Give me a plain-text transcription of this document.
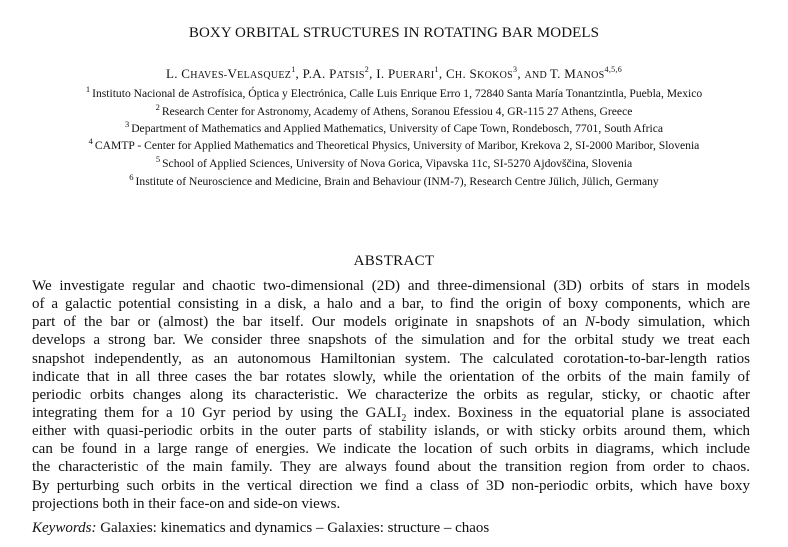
BOXY ORBITAL STRUCTURES IN ROTATING BAR MODELS
L. CHAVES-VELASQUEZ$^1$, P.A. PATSIS$^2$, I. PUERARI$^1$, CH. SKOKOS$^3$, AND T. MANOS$^{4,5,6}$
$^1$ Instituto Nacional de Astrofísica, Óptica y Electrónica, Calle Luis Enrique Erro 1, 72840 Santa María Tonantzintla, Puebla, Mexico
$^2$ Research Center for Astronomy, Academy of Athens, Soranou Efessiou 4, GR-115 27 Athens, Greece
$^3$ Department of Mathematics and Applied Mathematics, University of Cape Town, Rondebosch, 7701, South Africa
$^4$ CAMTP - Center for Applied Mathematics and Theoretical Physics, University of Maribor, Krekova 2, SI-2000 Maribor, Slovenia
$^5$ School of Applied Sciences, University of Nova Gorica, Vipavska 11c, SI-5270 Ajdovščina, Slovenia
$^6$ Institute of Neuroscience and Medicine, Brain and Behaviour (INM-7), Research Centre Jülich, Jülich, Germany
ABSTRACT
We investigate regular and chaotic two-dimensional (2D) and three-dimensional (3D) orbits of stars in models
of a galactic potential consisting in a disk, a halo and a bar, to find the origin of boxy components, which are
part of the bar or (almost) the bar itself. Our models originate in snapshots of an N-body simulation, which
develops a strong bar. We consider three snapshots of the simulation and for the orbital study we treat each
snapshot independently, as an autonomous Hamiltonian system. The calculated corotation-to-bar-length ratios
indicate that in all three cases the bar rotates slowly, while the orientation of the orbits of the main family of
periodic orbits changes along its characteristic. We characterize the orbits as regular, sticky, or chaotic after
integrating them for a 10 Gyr period by using the $GALI_2$ index. Boxiness in the equatorial plane is associated
either with quasi-periodic orbits in the outer parts of stability islands, or with sticky orbits around them, which
can be found in a large range of energies. We indicate the location of such orbits in diagrams, which include
the characteristic of the main family. They are always found about the transition region from order to chaos.
By perturbing such orbits in the vertical direction we find a class of 3D non-periodic orbits, which have boxy
projections both in their face-on and side-on views.
Keywords: Galaxies: kinematics and dynamics – Galaxies: structure – chaos
